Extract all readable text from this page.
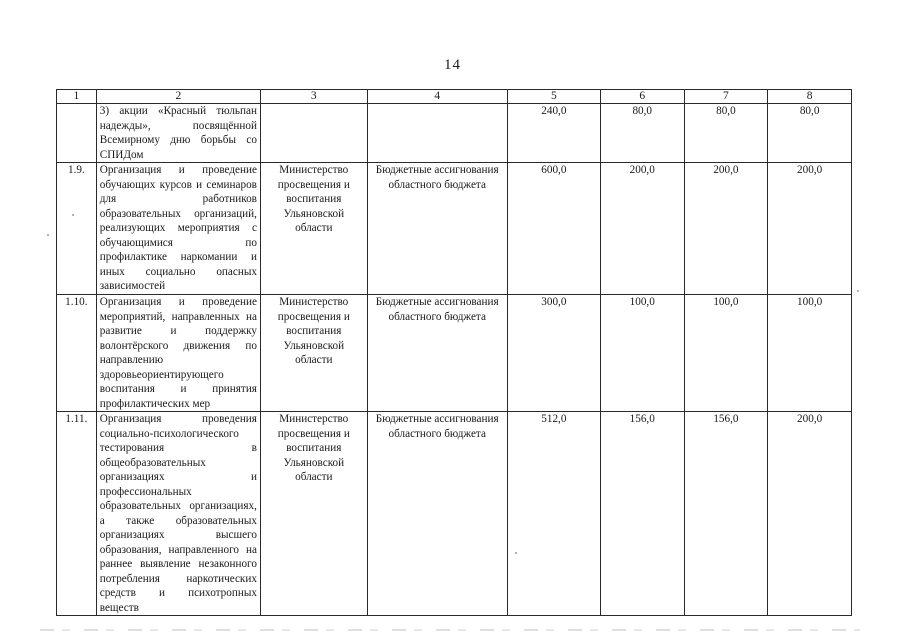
14
1	2	3	4	5	6	7	8
	3) акции «Красный тюльпан надежды», посвящённой Всемирному дню борьбы со СПИДом			240,0	80,0	80,0	80,0
1.9.	Организация и проведение обучающих курсов и семинаров для работников образовательных организаций, реализующих мероприятия с обучающимися по профилактике наркомании и иных социально опасных зависимостей	Министерство просвещения и воспитания Ульяновской области	Бюджетные ассигнования областного бюджета	600,0	200,0	200,0	200,0
1.10.	Организация и проведение мероприятий, направленных на развитие и поддержку волонтёрского движения по направлению здоровьеориентирующего воспитания и принятия профилактических мер	Министерство просвещения и воспитания Ульяновской области	Бюджетные ассигнования областного бюджета	300,0	100,0	100,0	100,0
1.11.	Организация проведения социально-психологического тестирования в общеобразовательных организациях и профессиональных образовательных организациях, а также образовательных организациях высшего образования, направленного на раннее выявление незаконного потребления наркотических средств и психотропных веществ	Министерство просвещения и воспитания Ульяновской области	Бюджетные ассигнования областного бюджета	512,0	156,0	156,0	200,0
